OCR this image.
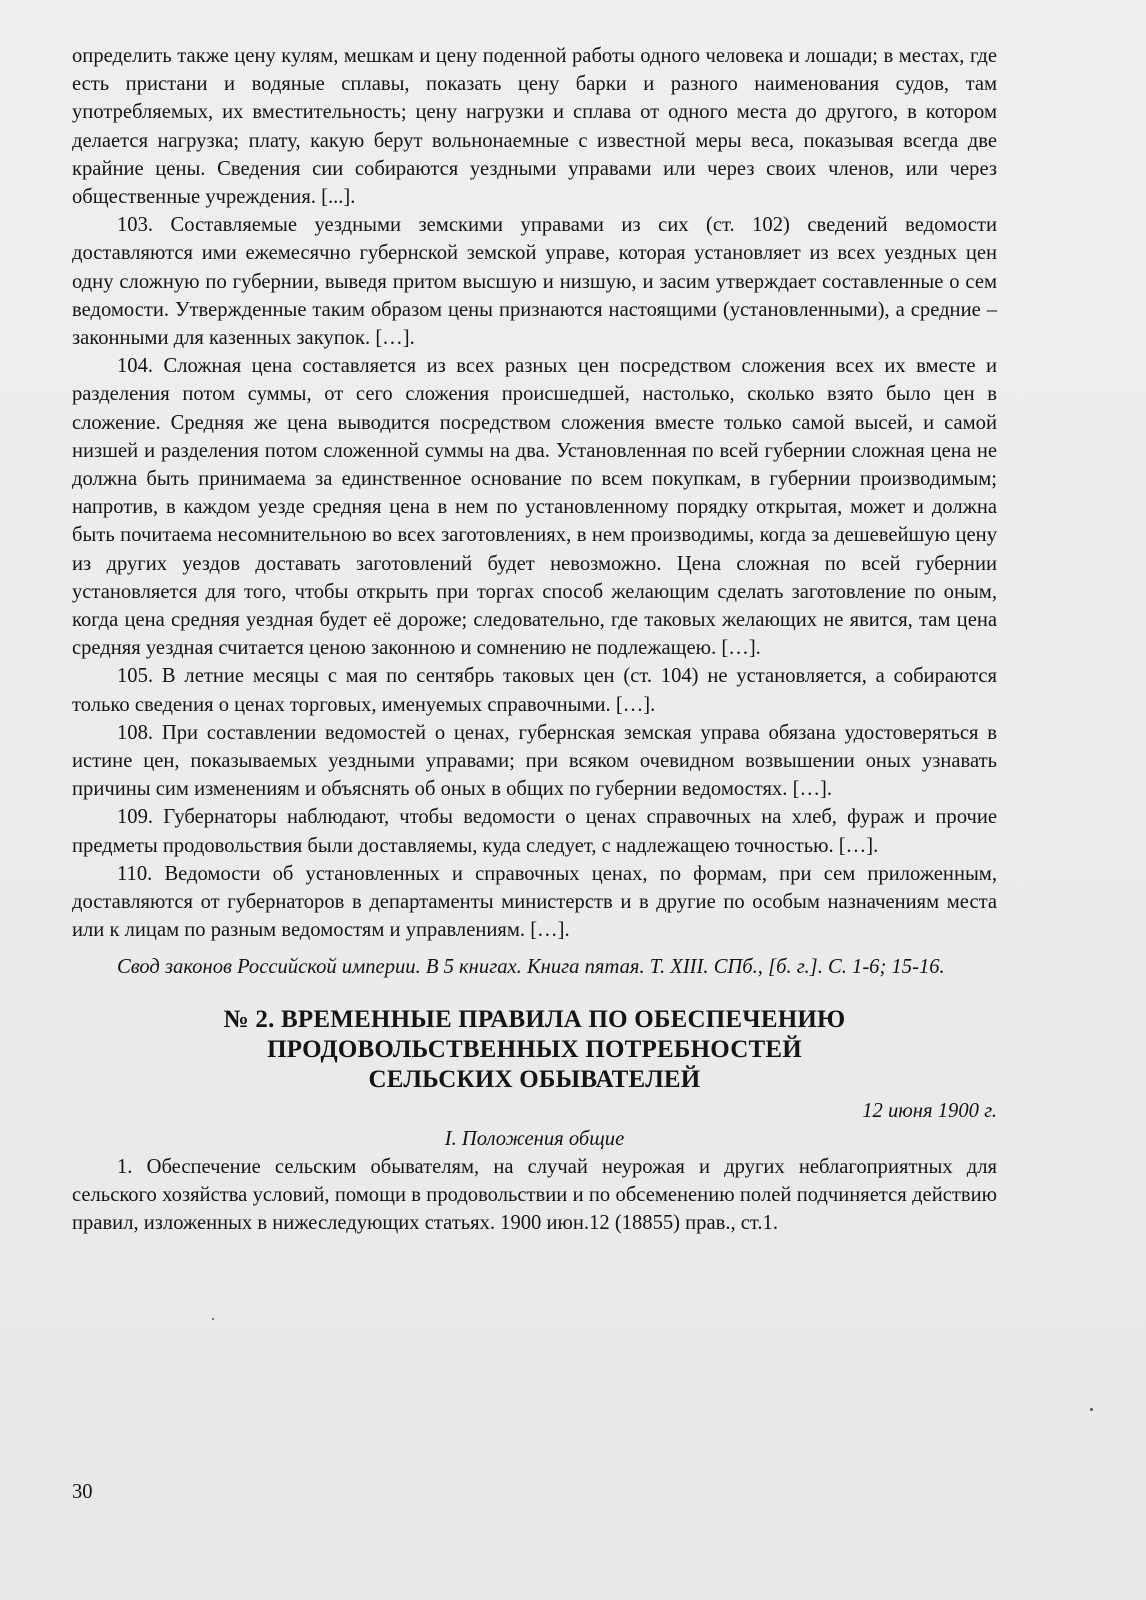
определить также цену кулям, мешкам и цену поденной работы одного человека и лошади; в местах, где есть пристани и водяные сплавы, показать цену барки и разного наименования судов, там употребляемых, их вместительность; цену нагрузки и сплава от одного места до другого, в котором делается нагрузка; плату, какую берут вольнонаемные с известной меры веса, показывая всегда две крайние цены. Сведения сии собираются уездными управами или через своих членов, или через общественные учреждения. [...].

103. Составляемые уездными земскими управами из сих (ст. 102) сведений ведомости доставляются ими ежемесячно губернской земской управе, которая установляет из всех уездных цен одну сложную по губернии, выведя притом высшую и низшую, и засим утверждает составленные о сем ведомости. Утвержденные таким образом цены признаются настоящими (установленными), а средние – законными для казенных закупок. […].

104. Сложная цена составляется из всех разных цен посредством сложения всех их вместе и разделения потом суммы, от сего сложения происшедшей, настолько, сколько взято было цен в сложение. Средняя же цена выводится посредством сложения вместе только самой высей, и самой низшей и разделения потом сложенной суммы на два. Установленная по всей губернии сложная цена не должна быть принимаема за единственное основание по всем покупкам, в губернии производимым; напротив, в каждом уезде средняя цена в нем по установленному порядку открытая, может и должна быть почитаема несомнительною во всех заготовлениях, в нем производимы, когда за дешевейшую цену из других уездов доставать заготовлений будет невозможно. Цена сложная по всей губернии установляется для того, чтобы открыть при торгах способ желающим сделать заготовление по оным, когда цена средняя уездная будет её дороже; следовательно, где таковых желающих не явится, там цена средняя уездная считается ценою законною и сомнению не подлежащею. […].

105. В летние месяцы с мая по сентябрь таковых цен (ст. 104) не установляется, а собираются только сведения о ценах торговых, именуемых справочными. […].

108. При составлении ведомостей о ценах, губернская земская управа обязана удостоверяться в истине цен, показываемых уездными управами; при всяком очевидном возвышении оных узнавать причины сим изменениям и объяснять об оных в общих по губернии ведомостях. […].

109. Губернаторы наблюдают, чтобы ведомости о ценах справочных на хлеб, фураж и прочие предметы продовольствия были доставляемы, куда следует, с надлежащею точностью. […].

110. Ведомости об установленных и справочных ценах, по формам, при сем приложенным, доставляются от губернаторов в департаменты министерств и в другие по особым назначениям места или к лицам по разным ведомостям и управлениям. […].

Свод законов Российской империи. В 5 книгах. Книга пятая. Т. XIII. СПб., [б. г.]. С. 1-6; 15-16.

№ 2. ВРЕМЕННЫЕ ПРАВИЛА ПО ОБЕСПЕЧЕНИЮ
ПРОДОВОЛЬСТВЕННЫХ ПОТРЕБНОСТЕЙ
СЕЛЬСКИХ ОБЫВАТЕЛЕЙ
12 июня 1900 г.
I. Положения общие

1. Обеспечение сельским обывателям, на случай неурожая и других неблагоприятных для сельского хозяйства условий, помощи в продовольствии и по обсеменению полей подчиняется действию правил, изложенных в нижеследующих статьях. 1900 июн.12 (18855) прав., ст.1.

30
